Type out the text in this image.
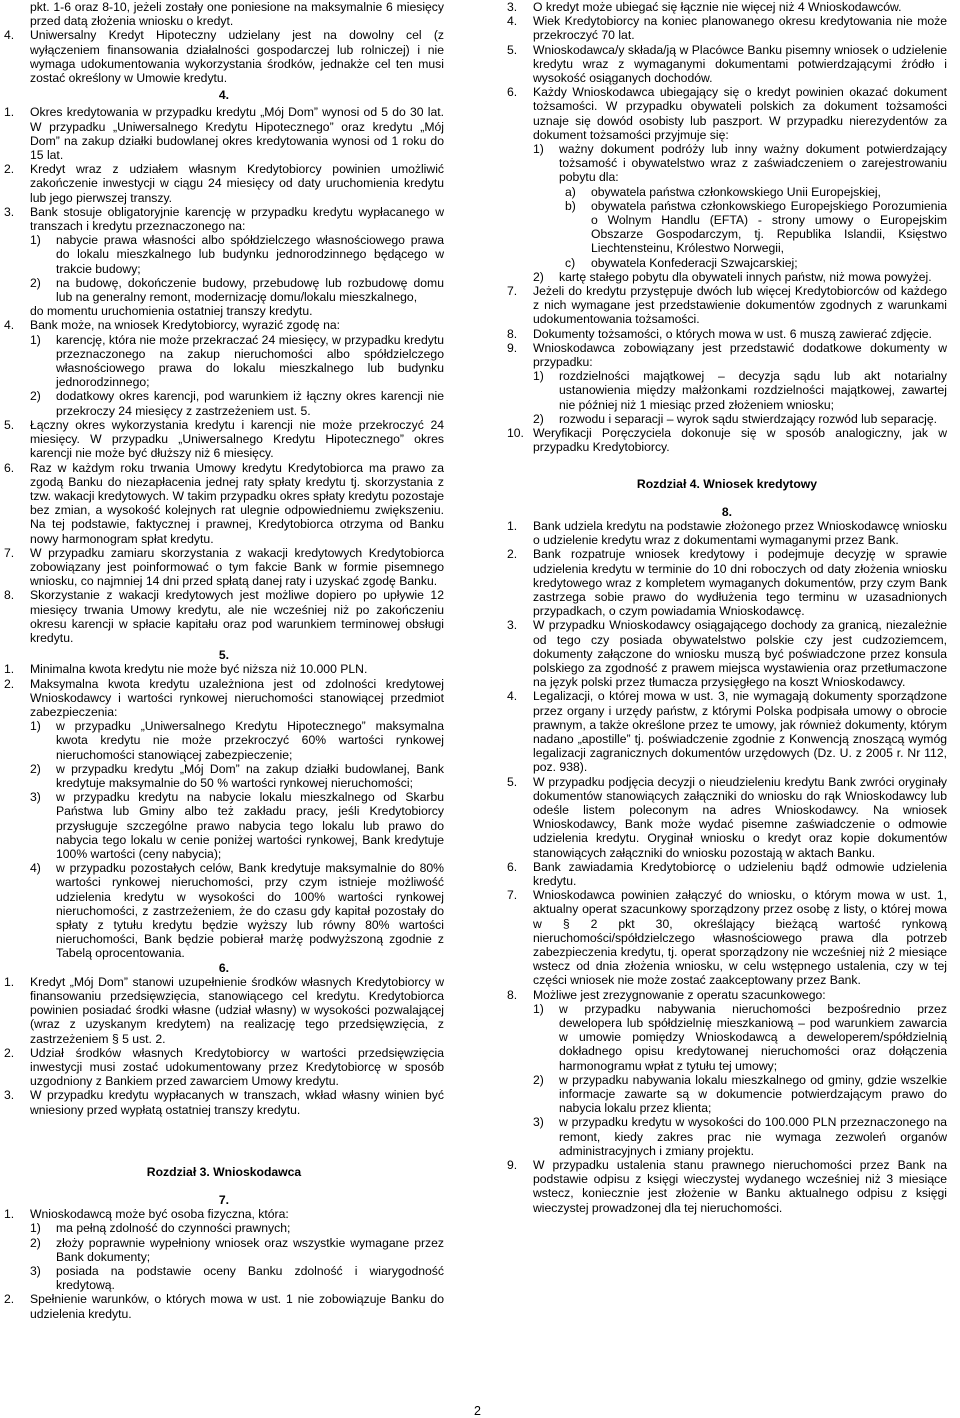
pkt. 1-6 oraz 8-10, jeżeli zostały one poniesione na maksymalnie 6 miesięcy przed datą złożenia wniosku o kredyt.
4. Uniwersalny Kredyt Hipoteczny udzielany jest na dowolny cel (z wyłączeniem finansowania działalności gospodarczej lub rolniczej) i nie wymaga udokumentowania wykorzystania środków, jednakże cel ten musi zostać określony w Umowie kredytu.
4.
1. Okres kredytowania w przypadku kredytu „Mój Dom” wynosi od 5 do 30 lat. W przypadku „Uniwersalnego Kredytu Hipotecznego” oraz kredytu „Mój Dom” na zakup działki budowlanej okres kredytowania wynosi od 1 roku do 15 lat.
2. Kredyt wraz z udziałem własnym Kredytobiorcy powinien umożliwić zakończenie inwestycji w ciągu 24 miesięcy od daty uruchomienia kredytu lub jego pierwszej transzy.
3. Bank stosuje obligatoryjnie karencję w przypadku kredytu wypłacanego w transzach i kredytu przeznaczonego na:
1) nabycie prawa własności albo spółdzielczego własnościowego prawa do lokalu mieszkalnego lub budynku jednorodzinnego będącego w trakcie budowy;
2) na budowę, dokończenie budowy, przebudowę lub rozbudowę domu lub na generalny remont, modernizację domu/lokalu mieszkalnego,
do momentu uruchomienia ostatniej transzy kredytu.
4. Bank może, na wniosek Kredytobiorcy, wyrazić zgodę na:
1) karencję, która nie może przekraczać 24 miesięcy, w przypadku kredytu przeznaczonego na zakup nieruchomości albo spółdzielczego własnościowego prawa do lokalu mieszkalnego lub budynku jednorodzinnego;
2) dodatkowy okres karencji, pod warunkiem iż łączny okres karencji nie przekroczy 24 miesięcy z zastrzeżeniem ust. 5.
5. Łączny okres wykorzystania kredytu i karencji nie może przekroczyć 24 miesięcy. W przypadku „Uniwersalnego Kredytu Hipotecznego” okres karencji nie może być dłuższy niż 6 miesięcy.
6. Raz w każdym roku trwania Umowy kredytu Kredytobiorca ma prawo za zgodą Banku do niezapłacenia jednej raty spłaty kredytu tj. skorzystania z tzw. wakacji kredytowych. W takim przypadku okres spłaty kredytu pozostaje bez zmian, a wysokość kolejnych rat ulegnie odpowiedniemu zwiększeniu. Na tej podstawie, faktycznej i prawnej, Kredytobiorca otrzyma od Banku nowy harmonogram spłat kredytu.
7. W przypadku zamiaru skorzystania z wakacji kredytowych Kredytobiorca zobowiązany jest poinformować o tym fakcie Bank w formie pisemnego wniosku, co najmniej 14 dni przed spłatą danej raty i uzyskać zgodę Banku.
8. Skorzystanie z wakacji kredytowych jest możliwe dopiero po upływie 12 miesięcy trwania Umowy kredytu, ale nie wcześniej niż po zakończeniu okresu karencji w spłacie kapitału oraz pod warunkiem terminowej obsługi kredytu.
5.
1. Minimalna kwota kredytu nie może być niższa niż 10.000 PLN.
2. Maksymalna kwota kredytu uzależniona jest od zdolności kredytowej Wnioskodawcy i wartości rynkowej nieruchomości stanowiącej przedmiot zabezpieczenia:
1) w przypadku „Uniwersalnego Kredytu Hipotecznego” maksymalna kwota kredytu nie może przekroczyć 60% wartości rynkowej nieruchomości stanowiącej zabezpieczenie;
2) w przypadku kredytu „Mój Dom” na zakup działki budowlanej, Bank kredytuje maksymalnie do 50 % wartości rynkowej nieruchomości;
3) w przypadku kredytu na nabycie lokalu mieszkalnego od Skarbu Państwa lub Gminy albo też zakładu pracy, jeśli Kredytobiorcy przysługuje szczególne prawo nabycia tego lokalu lub prawo do nabycia tego lokalu w cenie poniżej wartości rynkowej, Bank kredytuje 100% wartości (ceny nabycia);
4) w przypadku pozostałych celów, Bank kredytuje maksymalnie do 80% wartości rynkowej nieruchomości, przy czym istnieje możliwość udzielenia kredytu w wysokości do 100% wartości rynkowej nieruchomości, z zastrzeżeniem, że do czasu gdy kapitał pozostały do spłaty z tytułu kredytu będzie wyższy lub równy 80% wartości nieruchomości, Bank będzie pobierał marżę podwyższoną zgodnie z Tabelą oprocentowania.
6.
1. Kredyt „Mój Dom” stanowi uzupełnienie środków własnych Kredytobiorcy w finansowaniu przedsięwzięcia, stanowiącego cel kredytu. Kredytobiorca powinien posiadać środki własne (udział własny) w wysokości pozwalającej (wraz z uzyskanym kredytem) na realizację tego przedsięwzięcia, z zastrzeżeniem § 5 ust. 2.
2. Udział środków własnych Kredytobiorcy w wartości przedsięwzięcia inwestycji musi zostać udokumentowany przez Kredytobiorcę w sposób uzgodniony z Bankiem przed zawarciem Umowy kredytu.
3. W przypadku kredytu wypłacanych w transzach, wkład własny winien być wniesiony przed wypłatą ostatniej transzy kredytu.
Rozdział 3. Wnioskodawca
7.
1. Wnioskodawcą może być osoba fizyczna, która:
1) ma pełną zdolność do czynności prawnych;
2) złoży poprawnie wypełniony wniosek oraz wszystkie wymagane przez Bank dokumenty;
3) posiada na podstawie oceny Banku zdolność i wiarygodność kredytową.
2. Spełnienie warunków, o których mowa w ust. 1 nie zobowiązuje Banku do udzielenia kredytu.
3. O kredyt może ubiegać się łącznie nie więcej niż 4 Wnioskodawców.
4. Wiek Kredytobiorcy na koniec planowanego okresu kredytowania nie może przekroczyć 70 lat.
5. Wnioskodawca/y składa/ją w Placówce Banku pisemny wniosek o udzielenie kredytu wraz z wymaganymi dokumentami potwierdzającymi źródło i wysokość osiąganych dochodów.
6. Każdy Wnioskodawca ubiegający się o kredyt powinien okazać dokument tożsamości. W przypadku obywateli polskich za dokument tożsamości uznaje się dowód osobisty lub paszport. W przypadku nierezydentów za dokument tożsamości przyjmuje się:
1) ważny dokument podróży lub inny ważny dokument potwierdzający tożsamość i obywatelstwo wraz z zaświadczeniem o zarejestrowaniu pobytu dla:
a) obywatela państwa członkowskiego Unii Europejskiej,
b) obywatela państwa członkowskiego Europejskiego Porozumienia o Wolnym Handlu (EFTA) - strony umowy o Europejskim Obszarze Gospodarczym, tj. Republika Islandii, Księstwo Liechtensteinu, Królestwo Norwegii,
c) obywatela Konfederacji Szwajcarskiej;
2) kartę stałego pobytu dla obywateli innych państw, niż mowa powyżej.
7. Jeżeli do kredytu przystępuje dwóch lub więcej Kredytobiorców od każdego z nich wymagane jest przedstawienie dokumentów zgodnych z warunkami udokumentowania tożsamości.
8. Dokumenty tożsamości, o których mowa w ust. 6 muszą zawierać zdjęcie.
9. Wnioskodawca zobowiązany jest przedstawić dodatkowe dokumenty w przypadku:
1) rozdzielności majątkowej – decyzja sądu lub akt notarialny ustanowienia między małżonkami rozdzielności majątkowej, zawartej nie później niż 1 miesiąc przed złożeniem wniosku;
2) rozwodu i separacji – wyrok sądu stwierdzający rozwód lub separację.
10. Weryfikacji Poręczyciela dokonuje się w sposób analogiczny, jak w przypadku Kredytobiorcy.
Rozdział 4. Wniosek kredytowy
8.
1. Bank udziela kredytu na podstawie złożonego przez Wnioskodawcę wniosku o udzielenie kredytu wraz z dokumentami wymaganymi przez Bank.
2. Bank rozpatruje wniosek kredytowy i podejmuje decyzję w sprawie udzielenia kredytu w terminie do 10 dni roboczych od daty złożenia wniosku kredytowego wraz z kompletem wymaganych dokumentów, przy czym Bank zastrzega sobie prawo do wydłużenia tego terminu w uzasadnionych przypadkach, o czym powiadamia Wnioskodawcę.
3. W przypadku Wnioskodawcy osiągającego dochody za granicą, niezależnie od tego czy posiada obywatelstwo polskie czy jest cudzoziemcem, dokumenty załączone do wniosku muszą być poświadczone przez konsula polskiego za zgodność z prawem miejsca wystawienia oraz przetłumaczone na język polski przez tłumacza przysięgłego na koszt Wnioskodawcy.
4. Legalizacji, o której mowa w ust. 3, nie wymagają dokumenty sporządzone przez organy i urzędy państw, z którymi Polska podpisała umowy o obrocie prawnym, a także określone przez te umowy, jak również dokumenty, którym nadano „apostille” tj. poświadczenie zgodnie z Konwencją znoszącą wymóg legalizacji zagranicznych dokumentów urzędowych (Dz. U. z 2005 r. Nr 112, poz. 938).
5. W przypadku podjęcia decyzji o nieudzieleniu kredytu Bank zwróci oryginały dokumentów stanowiących załączniki do wniosku do rąk Wnioskodawcy lub odeśle listem poleconym na adres Wnioskodawcy. Na wniosek Wnioskodawcy, Bank może wydać pisemne zaświadczenie o odmowie udzielenia kredytu. Oryginał wniosku o kredyt oraz kopie dokumentów stanowiących załączniki do wniosku pozostają w aktach Banku.
6. Bank zawiadamia Kredytobiorcę o udzieleniu bądź odmowie udzielenia kredytu.
7. Wnioskodawca powinien załączyć do wniosku, o którym mowa w ust. 1, aktualny operat szacunkowy sporządzony przez osobę z listy, o której mowa w § 2 pkt 30, określający bieżącą wartość rynkową nieruchomości/spółdzielczego własnościowego prawa dla potrzeb zabezpieczenia kredytu, tj. operat sporządzony nie wcześniej niż 2 miesiące wstecz od dnia złożenia wniosku, w celu wstępnego ustalenia, czy w tej części wniosek nie może zostać zaakceptowany przez Bank.
8. Możliwe jest zrezygnowanie z operatu szacunkowego:
1) w przypadku nabywania nieruchomości bezpośrednio przez dewelopera lub spółdzielnię mieszkaniową – pod warunkiem zawarcia w umowie pomiędzy Wnioskodawcą a deweloperem/spółdzielnią dokładnego opisu kredytowanej nieruchomości oraz dołączenia harmonogramu wpłat z tytułu tej umowy;
2) w przypadku nabywania lokalu mieszkalnego od gminy, gdzie wszelkie informacje zawarte są w dokumencie potwierdzającym prawo do nabycia lokalu przez klienta;
3) w przypadku kredytu w wysokości do 100.000 PLN przeznaczonego na remont, kiedy zakres prac nie wymaga zezwoleń organów administracyjnych i zmiany projektu.
9. W przypadku ustalenia stanu prawnego nieruchomości przez Bank na podstawie odpisu z księgi wieczystej wydanego wcześniej niż 3 miesiące wstecz, koniecznie jest złożenie w Banku aktualnego odpisu z księgi wieczystej prowadzonej dla tej nieruchomości.
2
